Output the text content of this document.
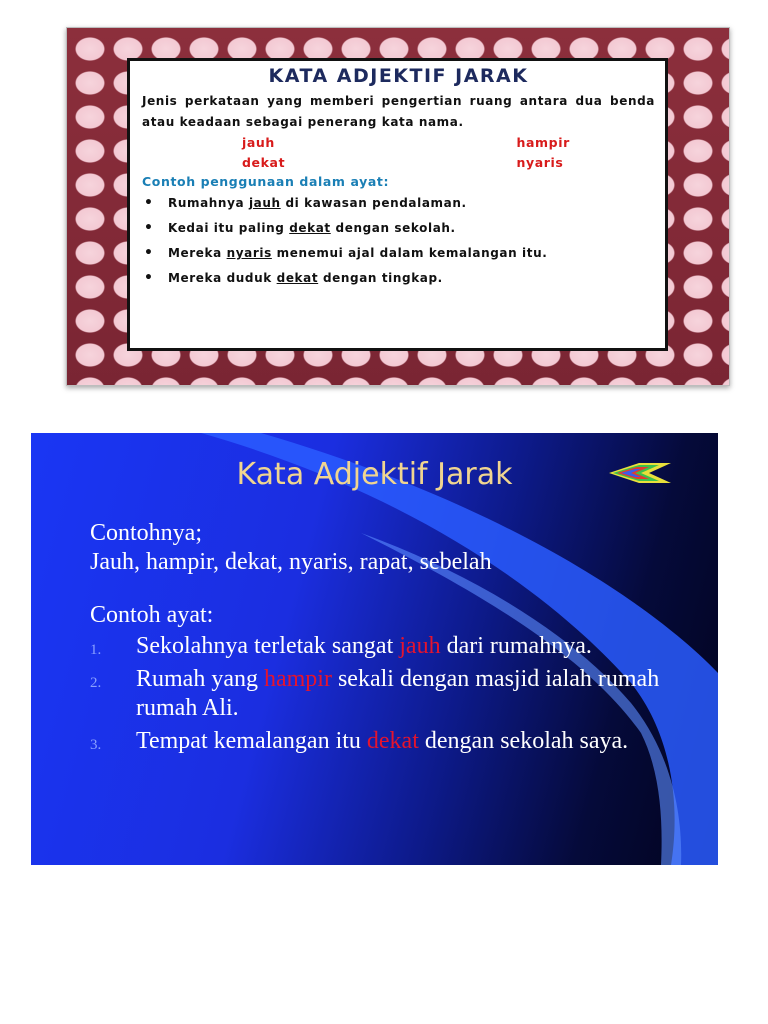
KATA ADJEKTIF JARAK

Jenis perkataan yang memberi pengertian ruang antara dua benda atau keadaan sebagai penerang kata nama.

jauh	hampir
dekat	nyaris
Contoh penggunaan dalam ayat:
• Rumahnya jauh di kawasan pendalaman.
• Kedai itu paling dekat dengan sekolah.
• Mereka nyaris menemui ajal dalam kemalangan itu.
• Mereka duduk dekat dengan tingkap.
Kata Adjektif Jarak

Contohnya;

Jauh, hampir, dekat, nyaris, rapat, sebelah

Contoh ayat:

1. Sekolahnya terletak sangat jauh dari rumahnya.
2. Rumah yang hampir sekali dengan masjid ialah rumah rumah Ali.
3. Tempat kemalangan itu dekat dengan sekolah saya.
